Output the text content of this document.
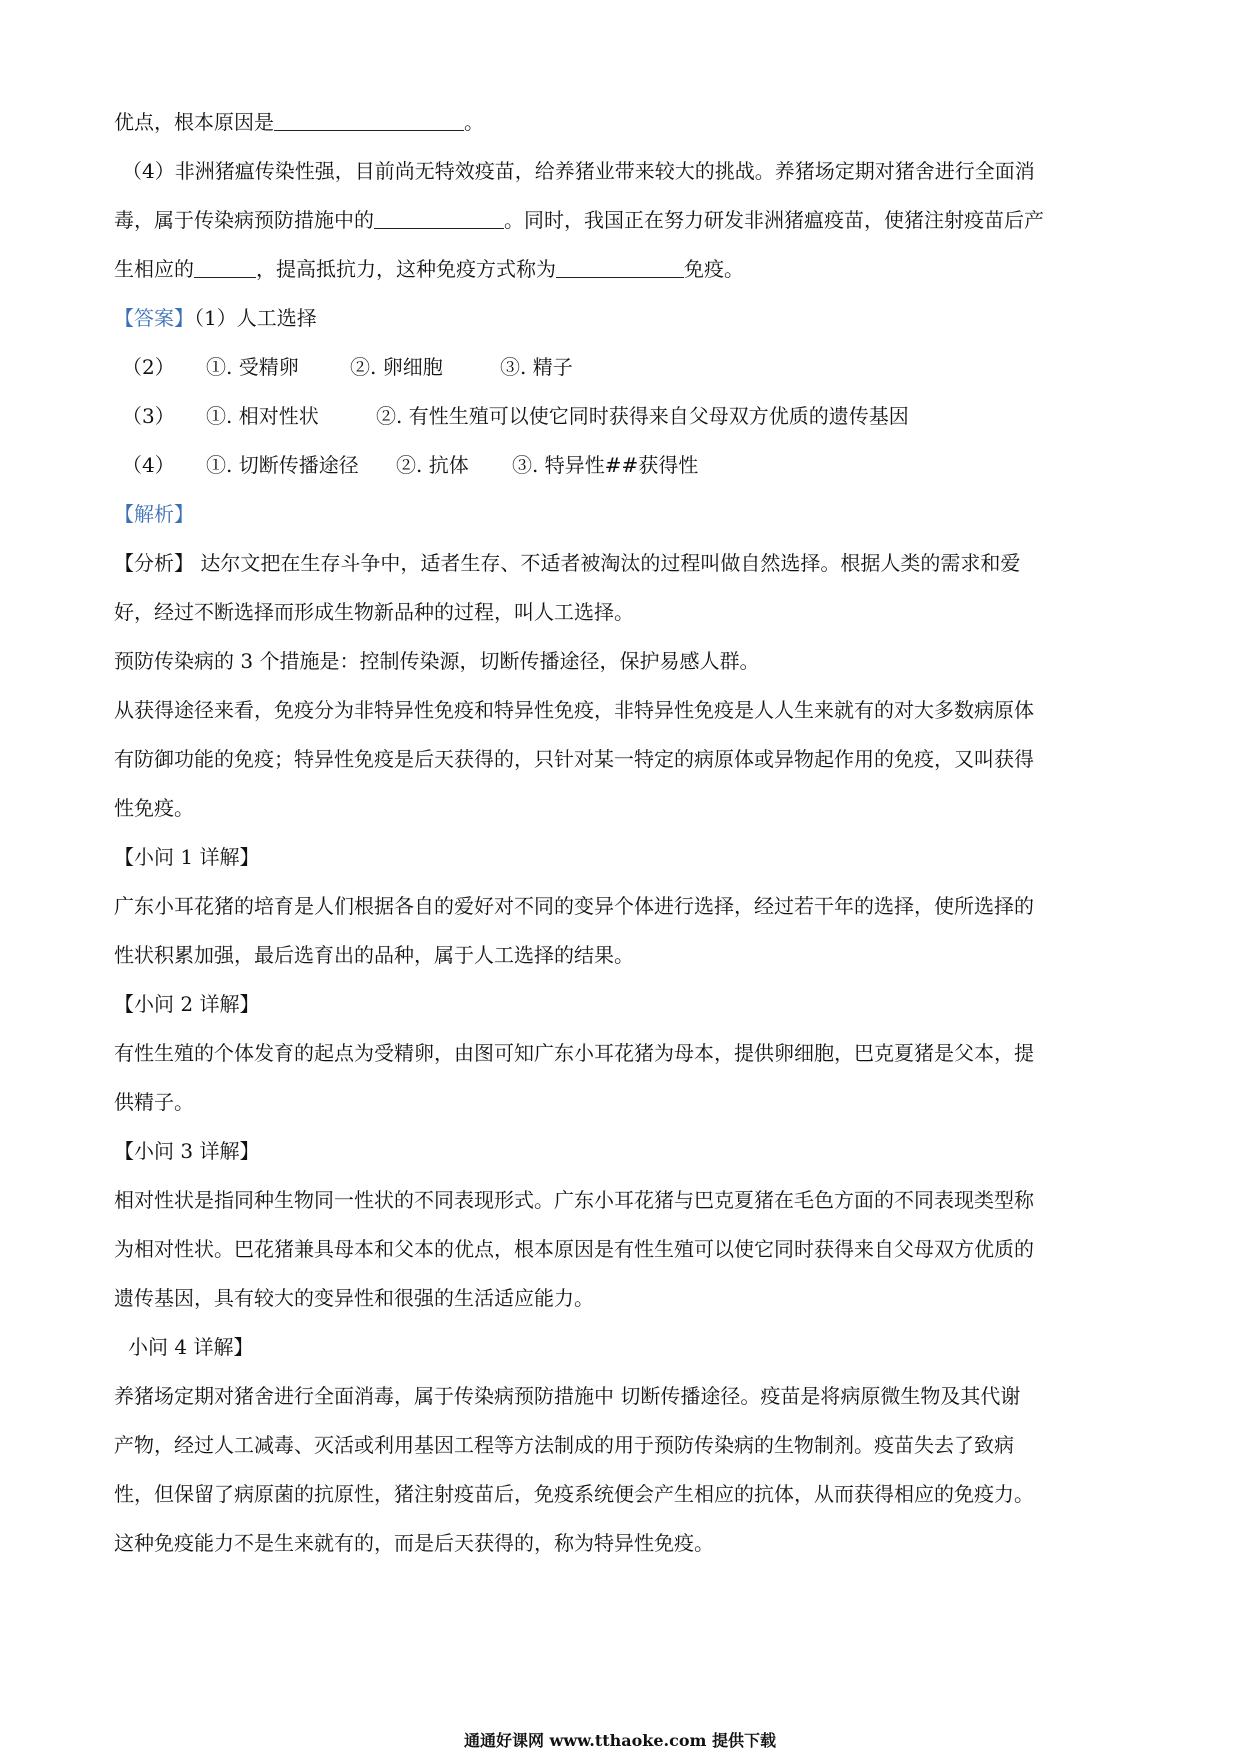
优点，根本原因是	。

（4）非洲猪瘟传染性强，目前尚无特效疫苗，给养猪业带来较大的挑战。养猪场定期对猪舍进行全面消

毒，属于传染病预防措施中的	。同时，我国正在努力研发非洲猪瘟疫苗，使猪注射疫苗后产

生相应的	，提高抵抗力，这种免疫方式称为	免疫。

【答案】（1）人工选择

（2） ①. 受精卵	②. 卵细胞	③. 精子
（3） ①. 相对性状	②. 有性生殖可以使它同时获得来自父母双方优质的遗传基因
（4） ①. 切断传播途径 ②. 抗体 ③. 特异性##获得性

【解析】

【分析】 达尔文把在生存斗争中，适者生存、不适者被淘汰的过程叫做自然选择。根据人类的需求和爱

好，经过不断选择而形成生物新品种的过程，叫人工选择。

预防传染病的 3 个措施是：控制传染源，切断传播途径，保护易感人群。

从获得途径来看，免疫分为非特异性免疫和特异性免疫，非特异性免疫是人人生来就有的对大多数病原体

有防御功能的免疫；特异性免疫是后天获得的，只针对某一特定的病原体或异物起作用的免疫，又叫获得

性免疫。

【小问 1 详解】

广东小耳花猪的培育是人们根据各自的爱好对不同的变异个体进行选择，经过若干年的选择，使所选择的

性状积累加强，最后选育出的品种，属于人工选择的结果。

【小问 2 详解】

有性生殖的个体发育的起点为受精卵，由图可知广东小耳花猪为母本，提供卵细胞，巴克夏猪是父本，提

供精子。

【小问 3 详解】

相对性状是指同种生物同一性状的不同表现形式。广东小耳花猪与巴克夏猪在毛色方面的不同表现类型称

为相对性状。巴花猪兼具母本和父本的优点，根本原因是有性生殖可以使它同时获得来自父母双方优质的

遗传基因，具有较大的变异性和很强的生活适应能力。

小问 4 详解】

养猪场定期对猪舍进行全面消毒，属于传染病预防措施中 切断传播途径。疫苗是将病原微生物及其代谢

产物，经过人工减毒、灭活或利用基因工程等方法制成的用于预防传染病的生物制剂。疫苗失去了致病

性，但保留了病原菌的抗原性，猪注射疫苗后，免疫系统便会产生相应的抗体，从而获得相应的免疫力。

这种免疫能力不是生来就有的，而是后天获得的，称为特异性免疫。

通通好课网 www.tthaoke.com 提供下载
